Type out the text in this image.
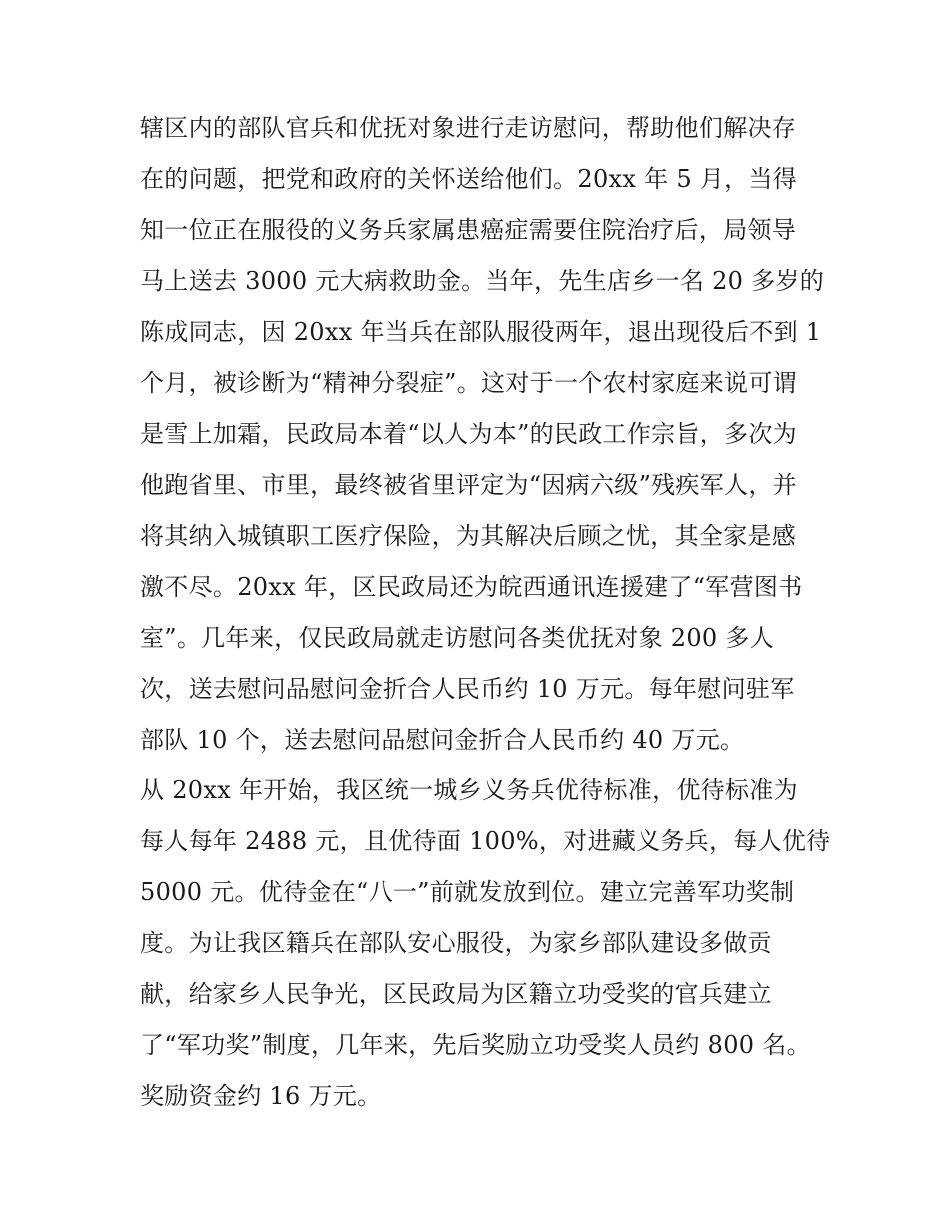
辖区内的部队官兵和优抚对象进行走访慰问，帮助他们解决存
在的问题，把党和政府的关怀送给他们。20xx 年 5 月，当得
知一位正在服役的义务兵家属患癌症需要住院治疗后，局领导
马上送去 3000 元大病救助金。当年，先生店乡一名 20 多岁的
陈成同志，因 20xx 年当兵在部队服役两年，退出现役后不到 1
个月，被诊断为“精神分裂症”。这对于一个农村家庭来说可谓
是雪上加霜，民政局本着“以人为本”的民政工作宗旨，多次为
他跑省里、市里，最终被省里评定为“因病六级”残疾军人，并
将其纳入城镇职工医疗保险，为其解决后顾之忧，其全家是感
激不尽。20xx 年，区民政局还为皖西通讯连援建了“军营图书
室”。几年来，仅民政局就走访慰问各类优抚对象 200 多人
次，送去慰问品慰问金折合人民币约 10 万元。每年慰问驻军
部队 10 个，送去慰问品慰问金折合人民币约 40 万元。
从 20xx 年开始，我区统一城乡义务兵优待标准，优待标准为
每人每年 2488 元，且优待面 100%，对进藏义务兵，每人优待
5000 元。优待金在“八一”前就发放到位。建立完善军功奖制
度。为让我区籍兵在部队安心服役，为家乡部队建设多做贡
献，给家乡人民争光，区民政局为区籍立功受奖的官兵建立
了“军功奖”制度，几年来，先后奖励立功受奖人员约 800 名。
奖励资金约 16 万元。
